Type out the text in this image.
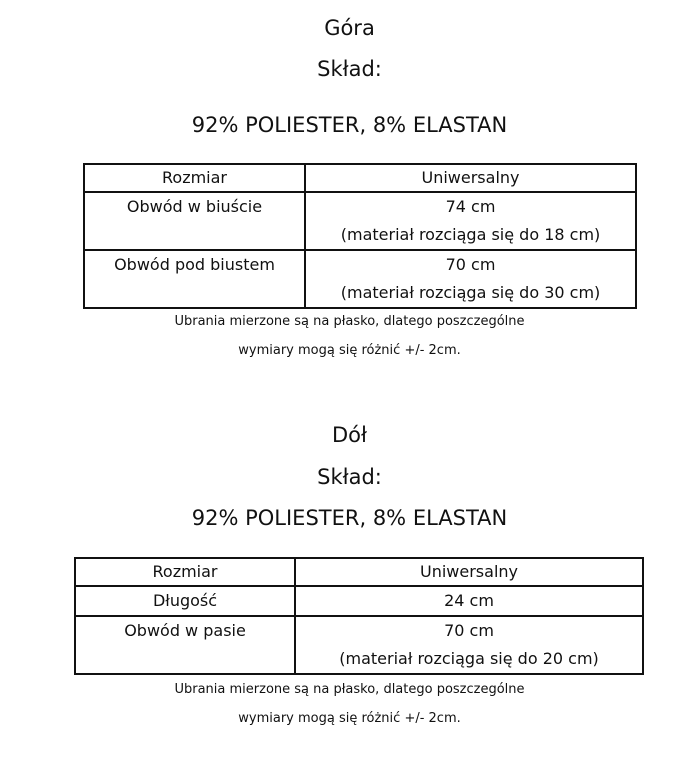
Góra
Skład:
92% POLIESTER, 8% ELASTAN
Rozmiar	Uniwersalny

Obwód w biuście	74 cm
(materiał rozciąga się do 18 cm)

Obwód pod biustem	70 cm
(materiał rozciąga się do 30 cm)
Ubrania mierzone są na płasko, dlatego poszczególne
wymiary mogą się różnić +/- 2cm.
Dół
Skład:
92% POLIESTER, 8% ELASTAN
Rozmiar	Uniwersalny
Długość	24 cm

Obwód w pasie	70 cm
(materiał rozciąga się do 20 cm)
Ubrania mierzone są na płasko, dlatego poszczególne
wymiary mogą się różnić +/- 2cm.
